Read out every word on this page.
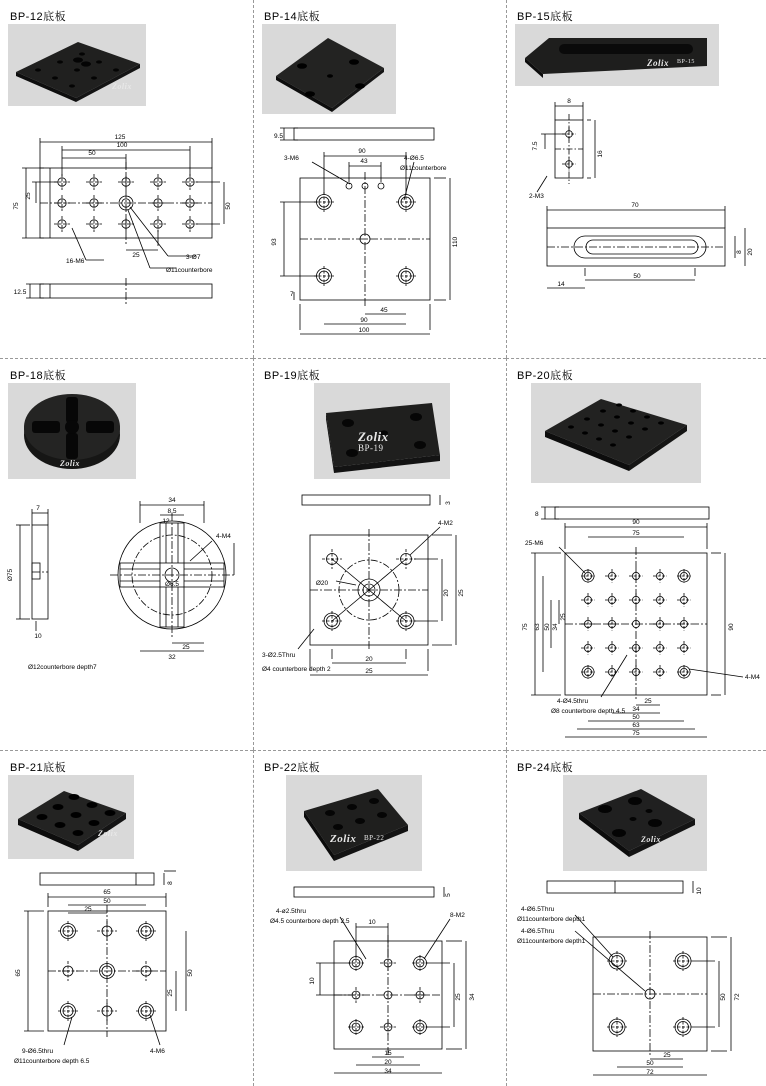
BP-12底板
Zolix
125
100
50
75
25
50
25
12.5
16-M6
3-Ø7
Ø11counterbore
BP-14底板
9.5
90
43
93	110
7
45
90
100
3-M6	4-Ø6.5
Ø11counterbore
BP-15底板
Zolix BP-15
8
7.5
16
2-M3
70
50
14
8 20
BP-18底板
Zolix
7
Ø75
10
34
8.5
12
4-M4
25
32
Ø6.5
Ø12counterbore depth7
BP-19底板
Zolix
BP-19
3
20 25
20
25
Ø20
4-M2
3-Ø2.5Thru
Ø4 counterbore depth 2
BP-20底板
8
90
75
75 63 50 34
25
90
25
34
50
63
75
25-M6
4-M4
4-Ø4.5thru
Ø8 counterbore depth 4.5
BP-21底板
Zolix
8
65
50
25
65
25
50
9-Ø6.5thru
Ø11counterbore depth 6.5
4-M6
BP-22底板
Zolix BP-22
5
10
10
25 34
15
20
34
4-ø2.5thru
Ø4.5 counterbore depth 2.5
8-M2
BP-24底板
Zolix
10
50 72
25
50
72
4-Ø6.5Thru
Ø11counterbore depth1
4-Ø6.5Thru
Ø11counterbore depth1
